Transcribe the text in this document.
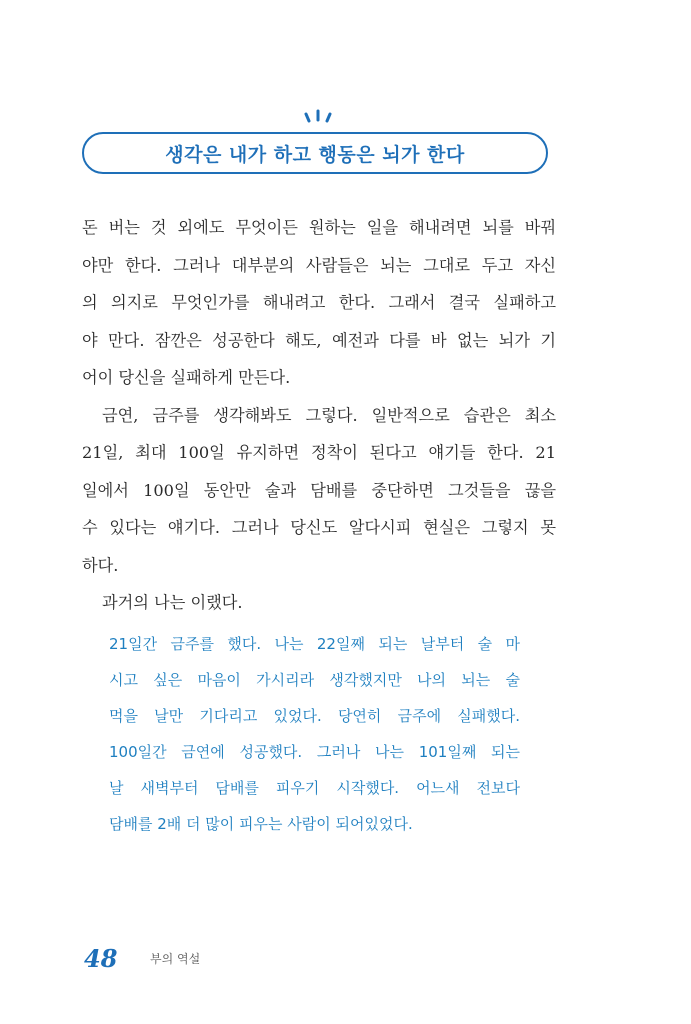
생각은 내가 하고 행동은 뇌가 한다
돈 버는 것 외에도 무엇이든 원하는 일을 해내려면 뇌를 바꿔
야만 한다. 그러나 대부분의 사람들은 뇌는 그대로 두고 자신
의 의지로 무엇인가를 해내려고 한다. 그래서 결국 실패하고
야 만다. 잠깐은 성공한다 해도, 예전과 다를 바 없는 뇌가 기
어이 당신을 실패하게 만든다.
금연, 금주를 생각해봐도 그렇다. 일반적으로 습관은 최소
21일, 최대 100일 유지하면 정착이 된다고 얘기들 한다. 21
일에서 100일 동안만 술과 담배를 중단하면 그것들을 끊을
수 있다는 얘기다. 그러나 당신도 알다시피 현실은 그렇지 못
하다.
과거의 나는 이랬다.
21일간 금주를 했다. 나는 22일째 되는 날부터 술 마
시고 싶은 마음이 가시리라 생각했지만 나의 뇌는 술
먹을 날만 기다리고 있었다. 당연히 금주에 실패했다.
100일간 금연에 성공했다. 그러나 나는 101일째 되는
날 새벽부터 담배를 피우기 시작했다. 어느새 전보다
48	부의 역설
담배를 2배 더 많이 피우는 사람이 되어있었다.
